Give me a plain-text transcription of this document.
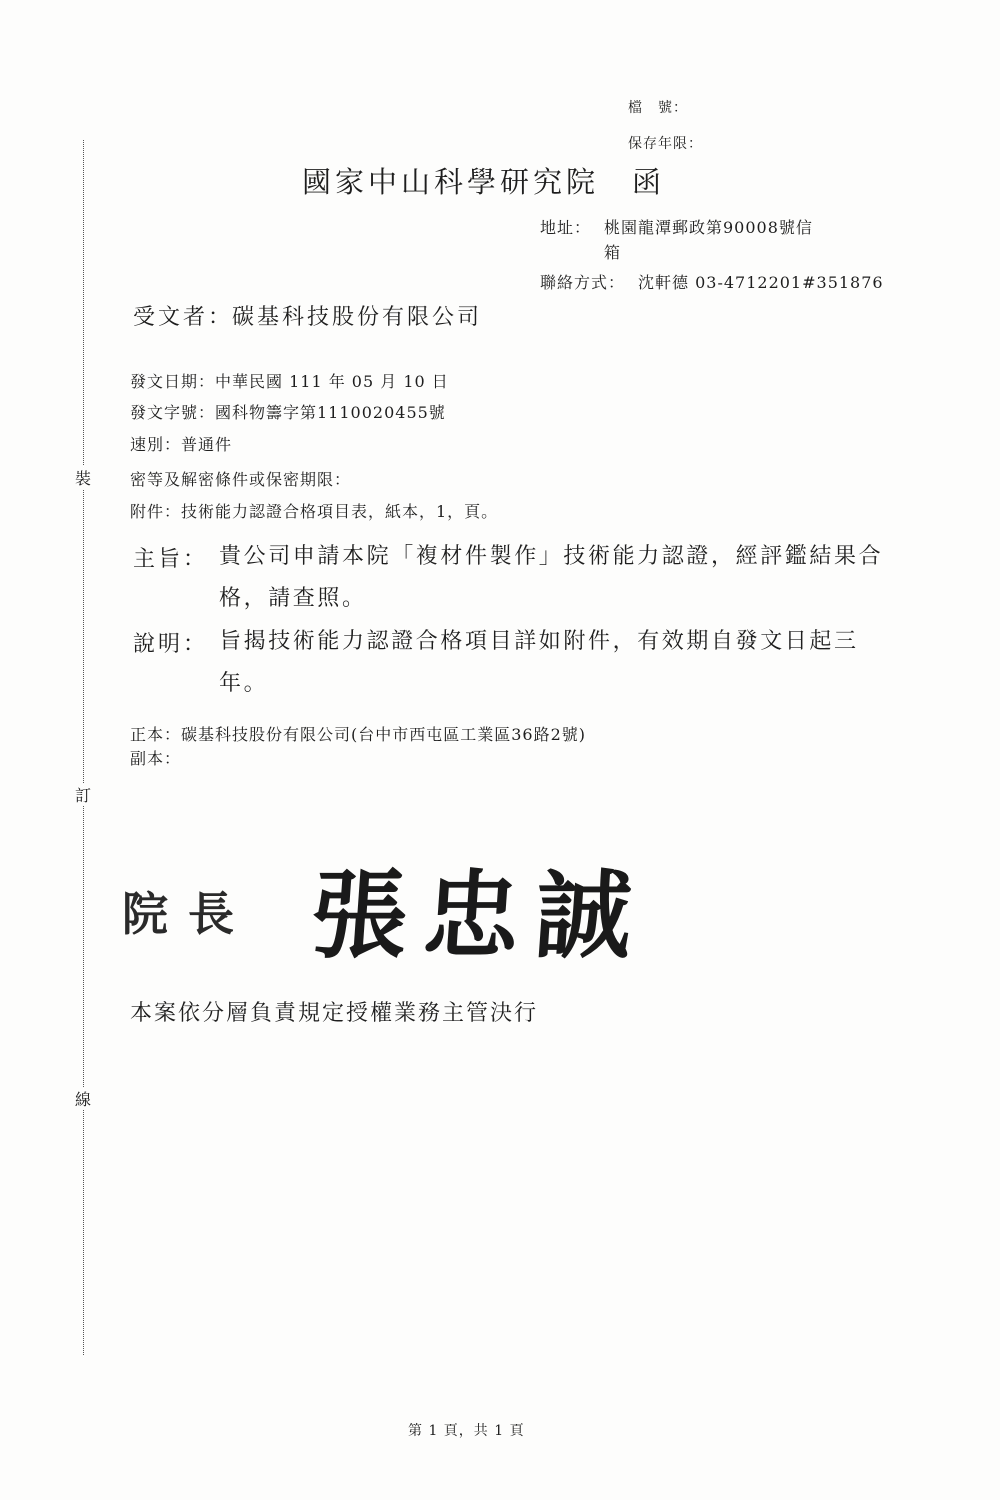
裝
訂
線
檔　號：
保存年限：
國家中山科學研究院　函
地址： 桃園龍潭郵政第90008號信
箱
聯絡方式： 沈軒德 03-4712201#351876
受文者：
碳基科技股份有限公司
發文日期：中華民國 111 年 05 月 10 日
發文字號：國科物籌字第1110020455號
速別：普通件
密等及解密條件或保密期限：
附件：技術能力認證合格項目表，紙本，1，頁。
主旨： 貴公司申請本院「複材件製作」技術能力認證，經評鑑結果合格，請查照。
說明： 旨揭技術能力認證合格項目詳如附件，有效期自發文日起三年。
正本：碳基科技股份有限公司(台中市西屯區工業區36路2號)
副本：
院長 張忠誠
本案依分層負責規定授權業務主管決行
第 1 頁，共 1 頁
